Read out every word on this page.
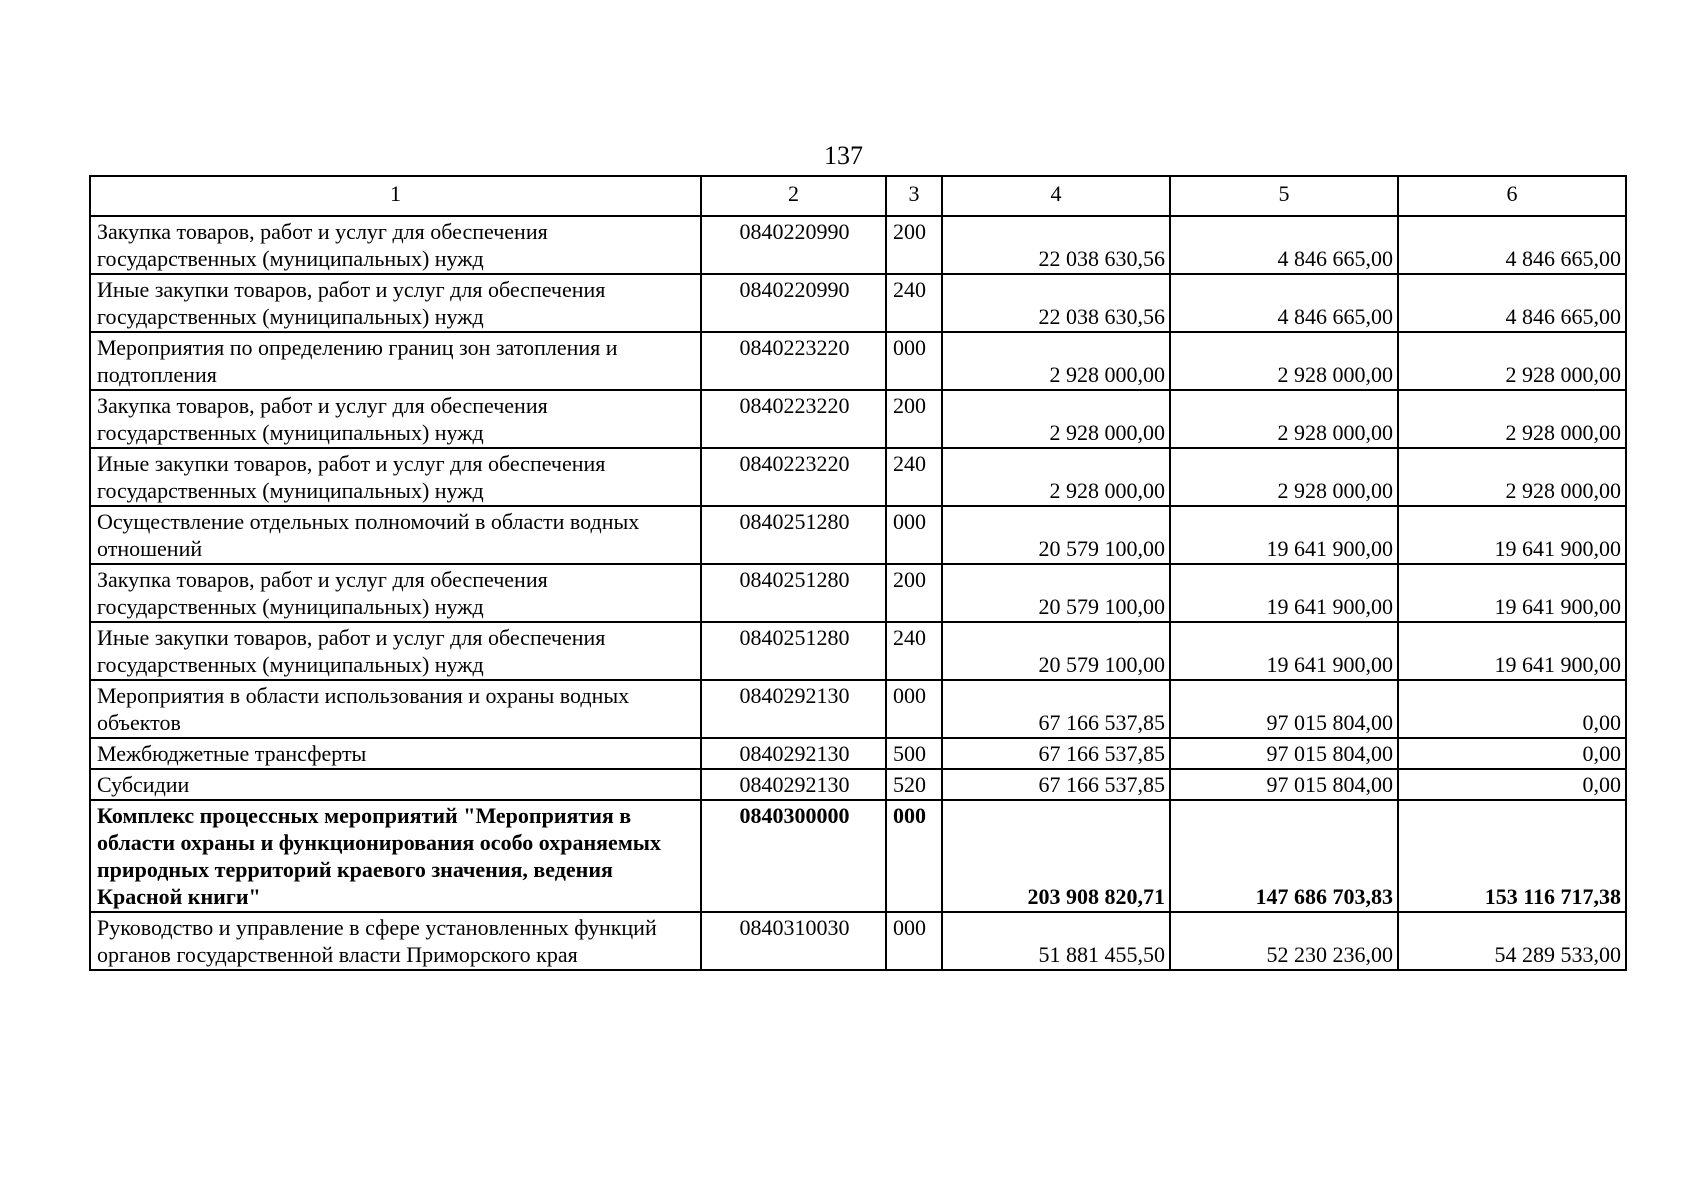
137
1	2	3	4	5	6
Закупка товаров, работ и услуг для обеспечения государственных (муниципальных) нужд	0840220990	200	22 038 630,56	4 846 665,00	4 846 665,00
Иные закупки товаров, работ и услуг для обеспечения государственных (муниципальных) нужд	0840220990	240	22 038 630,56	4 846 665,00	4 846 665,00
Мероприятия по определению границ зон затопления и подтопления	0840223220	000	2 928 000,00	2 928 000,00	2 928 000,00
Закупка товаров, работ и услуг для обеспечения государственных (муниципальных) нужд	0840223220	200	2 928 000,00	2 928 000,00	2 928 000,00
Иные закупки товаров, работ и услуг для обеспечения государственных (муниципальных) нужд	0840223220	240	2 928 000,00	2 928 000,00	2 928 000,00
Осуществление отдельных полномочий в области водных отношений	0840251280	000	20 579 100,00	19 641 900,00	19 641 900,00
Закупка товаров, работ и услуг для обеспечения государственных (муниципальных) нужд	0840251280	200	20 579 100,00	19 641 900,00	19 641 900,00
Иные закупки товаров, работ и услуг для обеспечения государственных (муниципальных) нужд	0840251280	240	20 579 100,00	19 641 900,00	19 641 900,00
Мероприятия в области использования и охраны водных объектов	0840292130	000	67 166 537,85	97 015 804,00	0,00
Межбюджетные трансферты	0840292130	500	67 166 537,85	97 015 804,00	0,00
Субсидии	0840292130	520	67 166 537,85	97 015 804,00	0,00
Комплекс процессных мероприятий "Мероприятия в области охраны и функционирования особо охраняемых природных территорий краевого значения, ведения Красной книги"	0840300000	000	203 908 820,71	147 686 703,83	153 116 717,38
Руководство и управление в сфере установленных функций органов государственной власти Приморского края	0840310030	000	51 881 455,50	52 230 236,00	54 289 533,00
